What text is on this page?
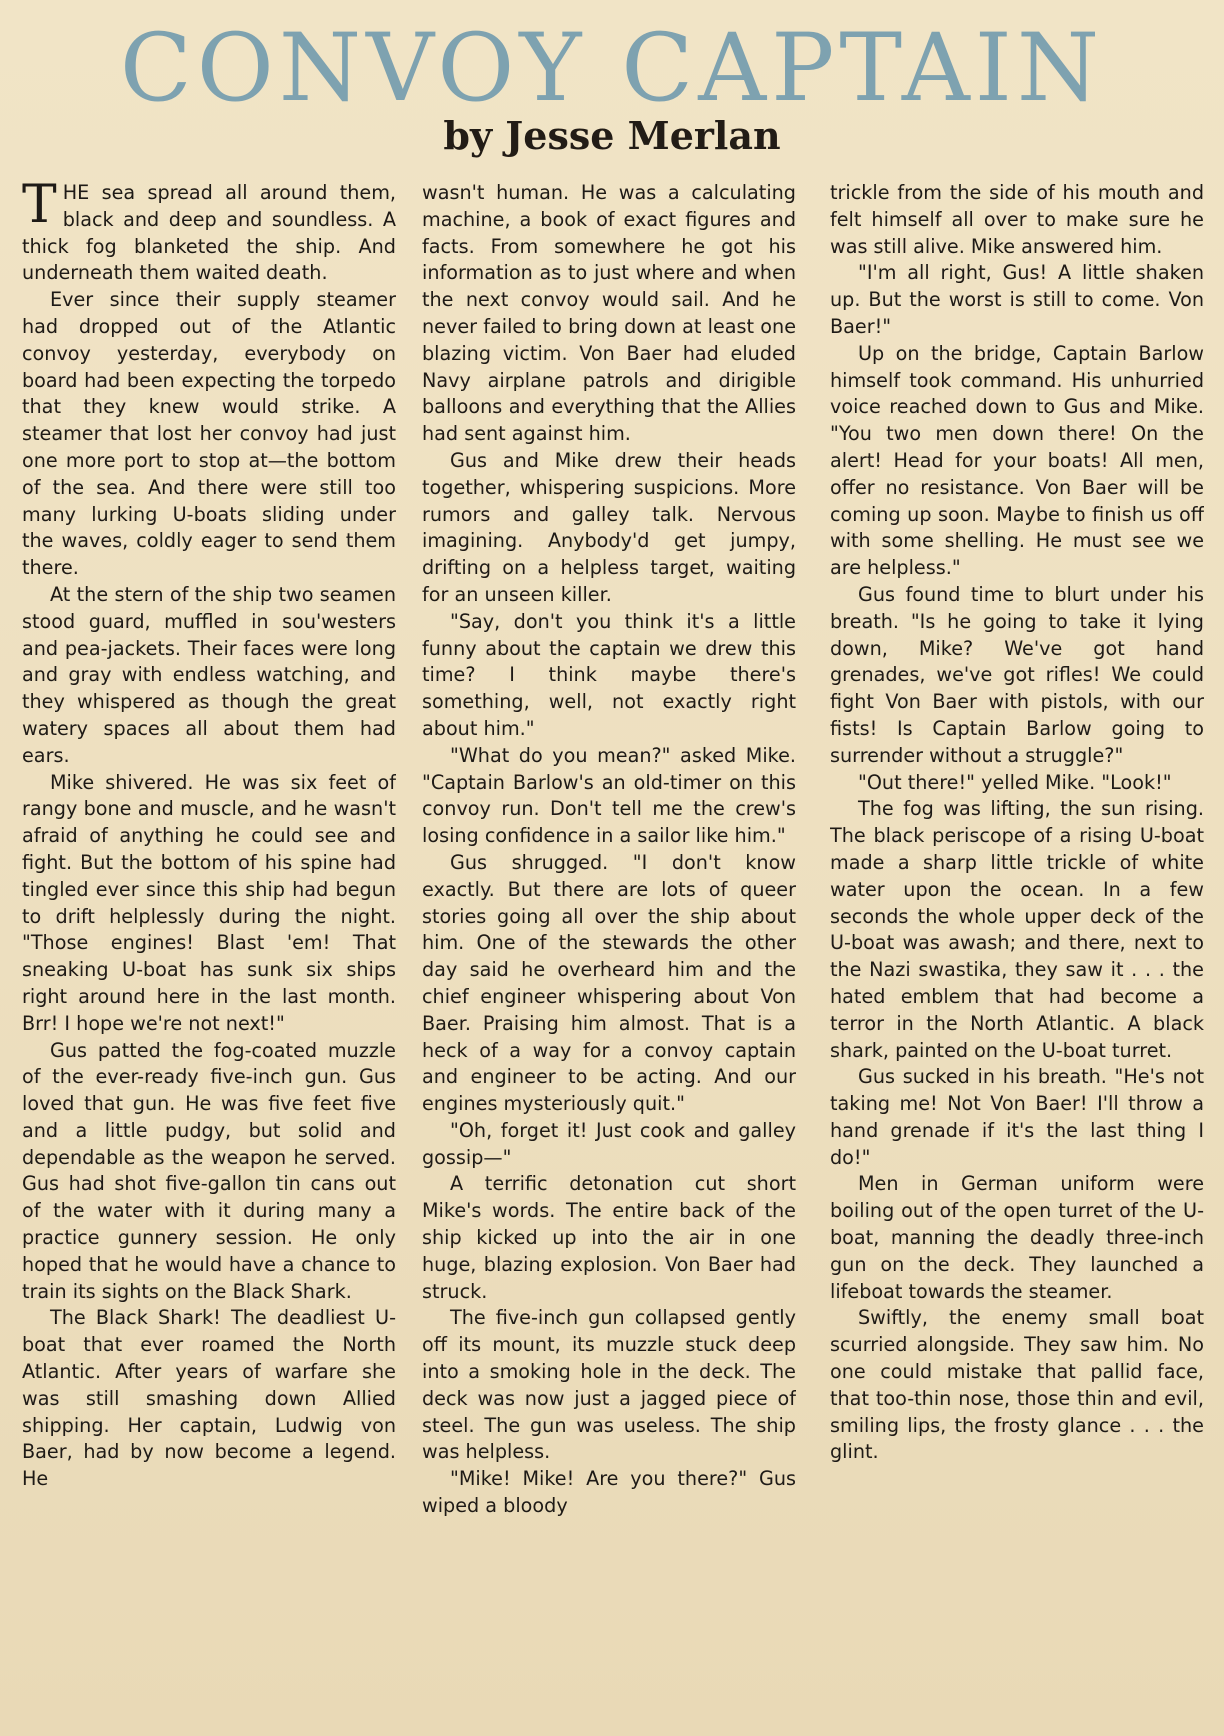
CONVOY CAPTAIN
by Jesse Merlan

THE sea spread all around them, black and deep and soundless. A thick fog blanketed the ship. And underneath them waited death.

Ever since their supply steamer had dropped out of the Atlantic convoy yesterday, everybody on board had been expecting the torpedo that they knew would strike. A steamer that lost her convoy had just one more port to stop at—the bottom of the sea. And there were still too many lurking U-boats sliding under the waves, coldly eager to send them there.

At the stern of the ship two seamen stood guard, muffled in sou'westers and pea-jackets. Their faces were long and gray with endless watching, and they whispered as though the great watery spaces all about them had ears.

Mike shivered. He was six feet of rangy bone and muscle, and he wasn't afraid of anything he could see and fight. But the bottom of his spine had tingled ever since this ship had begun to drift helplessly during the night. "Those engines! Blast 'em! That sneaking U-boat has sunk six ships right around here in the last month. Brr! I hope we're not next!"

Gus patted the fog-coated muzzle of the ever-ready five-inch gun. Gus loved that gun. He was five feet five and a little pudgy, but solid and dependable as the weapon he served. Gus had shot five-gallon tin cans out of the water with it during many a practice gunnery session. He only hoped that he would have a chance to train its sights on the Black Shark.

The Black Shark! The deadliest U-boat that ever roamed the North Atlantic. After years of warfare she was still smashing down Allied shipping. Her captain, Ludwig von Baer, had by now become a legend. He

wasn't human. He was a calculating machine, a book of exact figures and facts. From somewhere he got his information as to just where and when the next convoy would sail. And he never failed to bring down at least one blazing victim. Von Baer had eluded Navy airplane patrols and dirigible balloons and everything that the Allies had sent against him.

Gus and Mike drew their heads together, whispering suspicions. More rumors and galley talk. Nervous imagining. Anybody'd get jumpy, drifting on a helpless target, waiting for an unseen killer.

"Say, don't you think it's a little funny about the captain we drew this time? I think maybe there's something, well, not exactly right about him."

"What do you mean?" asked Mike. "Captain Barlow's an old-timer on this convoy run. Don't tell me the crew's losing confidence in a sailor like him."

Gus shrugged. "I don't know exactly. But there are lots of queer stories going all over the ship about him. One of the stewards the other day said he overheard him and the chief engineer whispering about Von Baer. Praising him almost. That is a heck of a way for a convoy captain and engineer to be acting. And our engines mysteriously quit."

"Oh, forget it! Just cook and galley gossip—"

A terrific detonation cut short Mike's words. The entire back of the ship kicked up into the air in one huge, blazing explosion. Von Baer had struck.

The five-inch gun collapsed gently off its mount, its muzzle stuck deep into a smoking hole in the deck. The deck was now just a jagged piece of steel. The gun was useless. The ship was helpless.

"Mike! Mike! Are you there?" Gus wiped a bloody

trickle from the side of his mouth and felt himself all over to make sure he was still alive. Mike answered him.

"I'm all right, Gus! A little shaken up. But the worst is still to come. Von Baer!"

Up on the bridge, Captain Barlow himself took command. His unhurried voice reached down to Gus and Mike. "You two men down there! On the alert! Head for your boats! All men, offer no resistance. Von Baer will be coming up soon. Maybe to finish us off with some shelling. He must see we are helpless."

Gus found time to blurt under his breath. "Is he going to take it lying down, Mike? We've got hand grenades, we've got rifles! We could fight Von Baer with pistols, with our fists! Is Captain Barlow going to surrender without a struggle?"

"Out there!" yelled Mike. "Look!"

The fog was lifting, the sun rising. The black periscope of a rising U-boat made a sharp little trickle of white water upon the ocean. In a few seconds the whole upper deck of the U-boat was awash; and there, next to the Nazi swastika, they saw it . . . the hated emblem that had become a terror in the North Atlantic. A black shark, painted on the U-boat turret.

Gus sucked in his breath. "He's not taking me! Not Von Baer! I'll throw a hand grenade if it's the last thing I do!"

Men in German uniform were boiling out of the open turret of the U-boat, manning the deadly three-inch gun on the deck. They launched a lifeboat towards the steamer.

Swiftly, the enemy small boat scurried alongside. They saw him. No one could mistake that pallid face, that too-thin nose, those thin and evil, smiling lips, the frosty glance . . . the glint.
